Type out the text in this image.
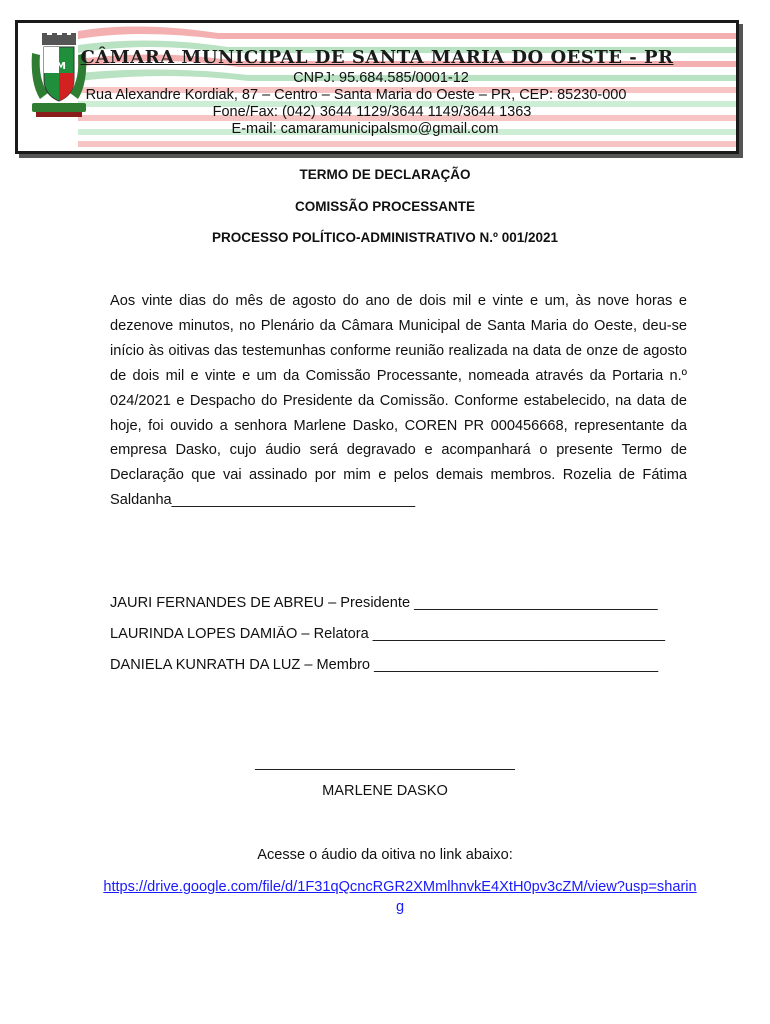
M CÂMARA MUNICIPAL DE SANTA MARIA DO OESTE - PR
CNPJ: 95.684.585/0001-12
Rua Alexandre Kordiak, 87 – Centro – Santa Maria do Oeste – PR, CEP: 85230-000
Fone/Fax: (042) 3644 1129/3644 1149/3644 1363
E-mail: camaramunicipalsmo@gmail.com
TERMO DE DECLARAÇÃO
COMISSÃO PROCESSANTE
PROCESSO POLÍTICO-ADMINISTRATIVO N.º 001/2021
Aos vinte dias do mês de agosto do ano de dois mil e vinte e um, às nove horas e dezenove minutos, no Plenário da Câmara Municipal de Santa Maria do Oeste, deu-se início às oitivas das testemunhas conforme reunião realizada na data de onze de agosto de dois mil e vinte e um da Comissão Processante, nomeada através da Portaria n.º 024/2021 e Despacho do Presidente da Comissão. Conforme estabelecido, na data de hoje, foi ouvido a senhora Marlene Dasko, COREN PR 000456668, representante da empresa Dasko, cujo áudio será degravado e acompanhará o presente Termo de Declaração que vai assinado por mim e pelos demais membros. Rozelia de Fátima Saldanha______________________________
JAURI FERNANDES DE ABREU – Presidente ______________________________
LAURINDA LOPES DAMIÃO – Relatora ____________________________________
DANIELA KUNRATH DA LUZ – Membro ___________________________________
________________________________
MARLENE DASKO
Acesse o áudio da oitiva no link abaixo:
https://drive.google.com/file/d/1F31qQcncRGR2XMmlhnvkE4XtH0pv3cZM/view?usp=sharing
